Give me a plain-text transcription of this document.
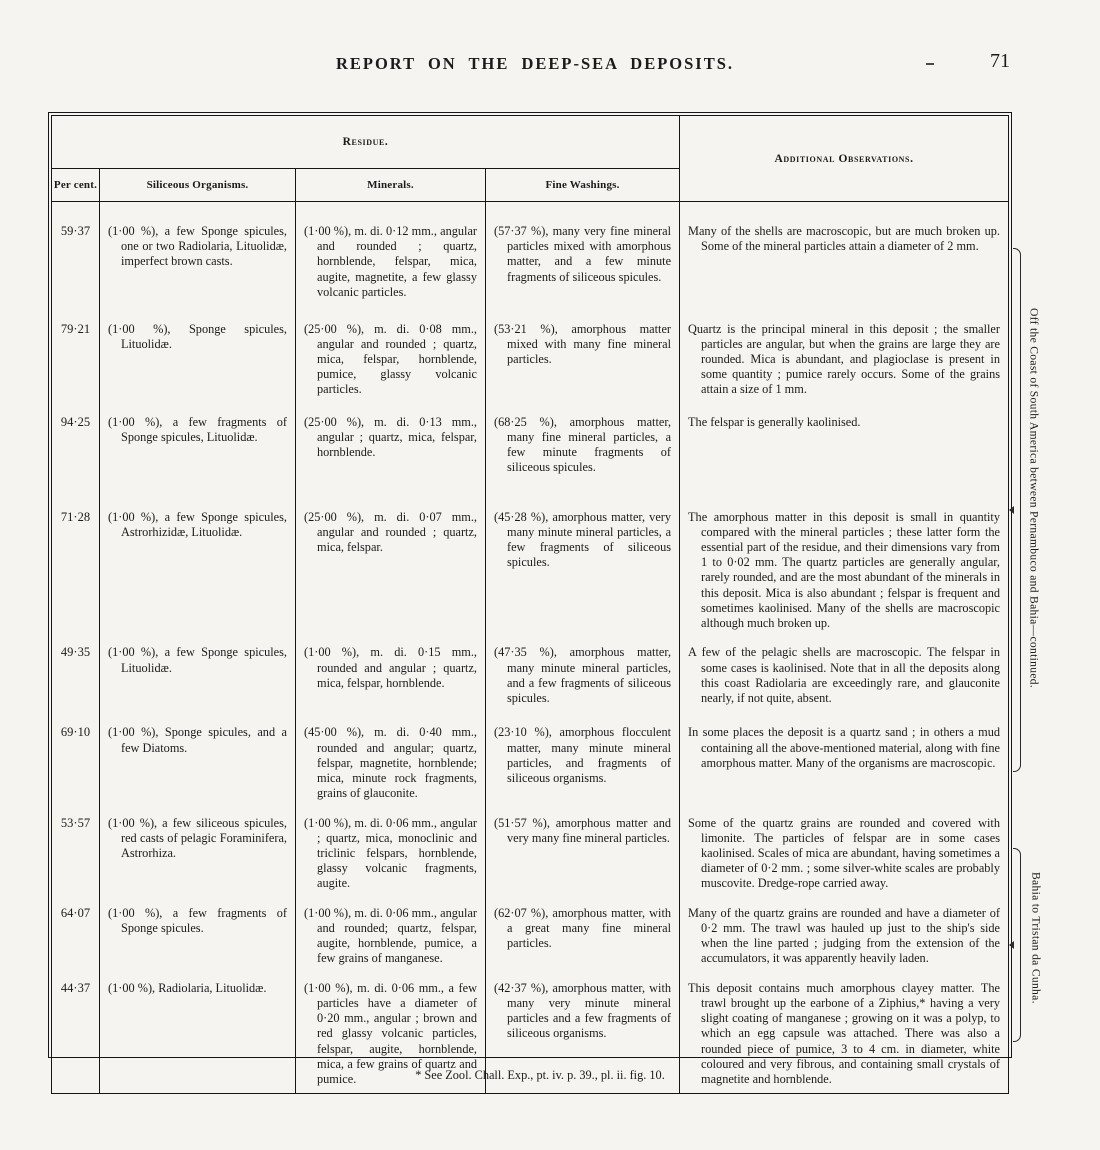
REPORT ON THE DEEP-SEA DEPOSITS.	71
Residue.				Additional Observations.
Per cent.	Siliceous Organisms.	Minerals.	Fine Washings.	
59·37	(1·00 %), a few Sponge spicules, one or two Radiolaria, Lituolidæ, imperfect brown casts.	(1·00 %), m. di. 0·12 mm., angular and rounded ; quartz, hornblende, felspar, mica, augite, magnetite, a few glassy volcanic particles.	(57·37 %), many very fine mineral particles mixed with amorphous matter, and a few minute fragments of siliceous spicules.	Many of the shells are macroscopic, but are much broken up. Some of the mineral particles attain a diameter of 2 mm.

79·21	(1·00 %), Sponge spicules, Lituolidæ.	(25·00 %), m. di. 0·08 mm., angular and rounded ; quartz, mica, felspar, hornblende, pumice, glassy volcanic particles.	(53·21 %), amorphous matter mixed with many fine mineral particles.	Quartz is the principal mineral in this deposit ; the smaller particles are angular, but when the grains are large they are rounded. Mica is abundant, and plagioclase is present in some quantity ; pumice rarely occurs. Some of the grains attain a size of 1 mm.

94·25	(1·00 %), a few fragments of Sponge spicules, Lituolidæ.	(25·00 %), m. di. 0·13 mm., angular ; quartz, mica, felspar, hornblende.	(68·25 %), amorphous matter, many fine mineral particles, a few minute fragments of siliceous spicules.	The felspar is generally kaolinised.

71·28	(1·00 %), a few Sponge spicules, Astrorhizidæ, Lituolidæ.	(25·00 %), m. di. 0·07 mm., angular and rounded ; quartz, mica, felspar.	(45·28 %), amorphous matter, very many minute mineral particles, a few fragments of siliceous spicules.	The amorphous matter in this deposit is small in quantity compared with the mineral particles ; these latter form the essential part of the residue, and their dimensions vary from 1 to 0·02 mm. The quartz particles are generally angular, rarely rounded, and are the most abundant of the minerals in this deposit. Mica is also abundant ; felspar is frequent and sometimes kaolinised. Many of the shells are macroscopic although much broken up.

49·35	(1·00 %), a few Sponge spicules, Lituolidæ.	(1·00 %), m. di. 0·15 mm., rounded and angular ; quartz, mica, felspar, hornblende.	(47·35 %), amorphous matter, many minute mineral particles, and a few fragments of siliceous spicules.	A few of the pelagic shells are macroscopic. The felspar in some cases is kaolinised. Note that in all the deposits along this coast Radiolaria are exceedingly rare, and glauconite nearly, if not quite, absent.

69·10	(1·00 %), Sponge spicules, and a few Diatoms.	(45·00 %), m. di. 0·40 mm., rounded and angular; quartz, felspar, magnetite, hornblende; mica, minute rock fragments, grains of glauconite.	(23·10 %), amorphous flocculent matter, many minute mineral particles, and fragments of siliceous organisms.	In some places the deposit is a quartz sand ; in others a mud containing all the above-mentioned material, along with fine amorphous matter. Many of the organisms are macroscopic.

53·57	(1·00 %), a few siliceous spicules, red casts of pelagic Foraminifera, Astrorhiza.	(1·00 %), m. di. 0·06 mm., angular ; quartz, mica, monoclinic and triclinic felspars, hornblende, glassy volcanic fragments, augite.	(51·57 %), amorphous matter and very many fine mineral particles.	Some of the quartz grains are rounded and covered with limonite. The particles of felspar are in some cases kaolinised. Scales of mica are abundant, having sometimes a diameter of 0·2 mm. ; some silver-white scales are probably muscovite. Dredge-rope carried away.

64·07	(1·00 %), a few fragments of Sponge spicules.	(1·00 %), m. di. 0·06 mm., angular and rounded; quartz, felspar, augite, hornblende, pumice, a few grains of manganese.	(62·07 %), amorphous matter, with a great many fine mineral particles.	Many of the quartz grains are rounded and have a diameter of 0·2 mm. The trawl was hauled up just to the ship's side when the line parted ; judging from the extension of the accumulators, it was apparently heavily laden.

44·37	(1·00 %), Radiolaria, Lituolidæ.	(1·00 %), m. di. 0·06 mm., a few particles have a diameter of 0·20 mm., angular ; brown and red glassy volcanic particles, felspar, augite, hornblende, mica, a few grains of quartz and pumice.	(42·37 %), amorphous matter, with many very minute mineral particles and a few fragments of siliceous organisms.	This deposit contains much amorphous clayey matter. The trawl brought up the earbone of a Ziphius,* having a very slight coating of manganese ; growing on it was a polyp, to which an egg capsule was attached. There was also a rounded piece of pumice, 3 to 4 cm. in diameter, white coloured and very fibrous, and containing small crystals of magnetite and hornblende.
Off the Coast of South America between Pernambuco and Bahia—continued.
Bahia to Tristan da Cunha.
* See Zool. Chall. Exp., pt. iv. p. 39., pl. ii. fig. 10.
